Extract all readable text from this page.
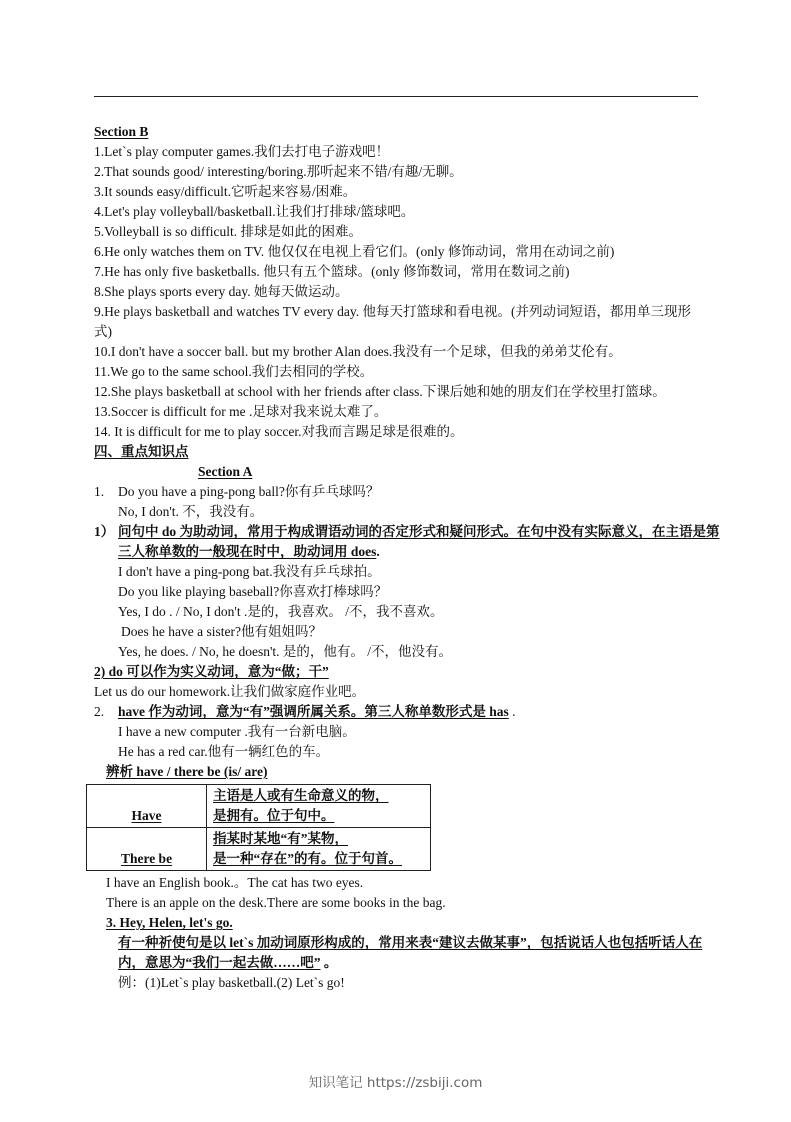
Section B
1.Let`s play computer games.我们去打电子游戏吧！
2.That sounds good/ interesting/boring.那听起来不错/有趣/无聊。
3.It sounds easy/difficult.它听起来容易/困难。
4.Let's play volleyball/basketball.让我们打排球/篮球吧。
5.Volleyball is so difficult. 排球是如此的困难。
6.He only watches them on TV. 他仅仅在电视上看它们。(only 修饰动词，常用在动词之前)
7.He has only five basketballs. 他只有五个篮球。(only 修饰数词，常用在数词之前)
8.She plays sports every day. 她每天做运动。
9.He plays basketball and watches TV every day. 他每天打篮球和看电视。(并列动词短语，都用单三现形式)
10.I don't have a soccer ball. but my brother Alan does.我没有一个足球，但我的弟弟艾伦有。
11.We go to the same school.我们去相同的学校。
12.She plays basketball at school with her friends after class.下课后她和她的朋友们在学校里打篮球。
13.Soccer is difficult for me .足球对我来说太难了。
14. It is difficult for me to play soccer.对我而言踢足球是很难的。
四、重点知识点
Section A
1. Do you have a ping-pong ball?你有乒乓球吗？
No, I don't. 不，我没有。
1） 问句中 do 为助动词，常用于构成谓语动词的否定形式和疑问形式。在句中没有实际意义，在主语是第三人称单数的一般现在时中，助动词用 does.
I don't have a ping-pong bat.我没有乒乓球拍。
Do you like playing baseball?你喜欢打棒球吗？
Yes, I do . / No, I don't .是的，我喜欢。 /不，我不喜欢。
Does he have a sister?他有姐姐吗？
Yes, he does. / No, he doesn't. 是的，他有。 /不，他没有。
2) do 可以作为实义动词，意为“做；干”
Let us do our homework.让我们做家庭作业吧。
2. have 作为动词，意为“有”强调所属关系。第三人称单数形式是 has .
I have a new computer .我有一台新电脑。
He has a red car.他有一辆红色的车。
辨析 have / there be (is/ are)
Have	主语是人或有生命意义的物，
是拥有。位于句中。

There be	指某时某地“有”某物，
是一种“存在”的有。位于句首。
I have an English book.。The cat has two eyes.
There is an apple on the desk.There are some books in the bag.
3. Hey, Helen, let's go.
有一种祈使句是以 let`s 加动词原形构成的，常用来表“建议去做某事”，包括说话人也包括听话人在内，意思为“我们一起去做……吧” 。
例：(1)Let`s play basketball.(2) Let`s go!
知识笔记 https://zsbiji.com
